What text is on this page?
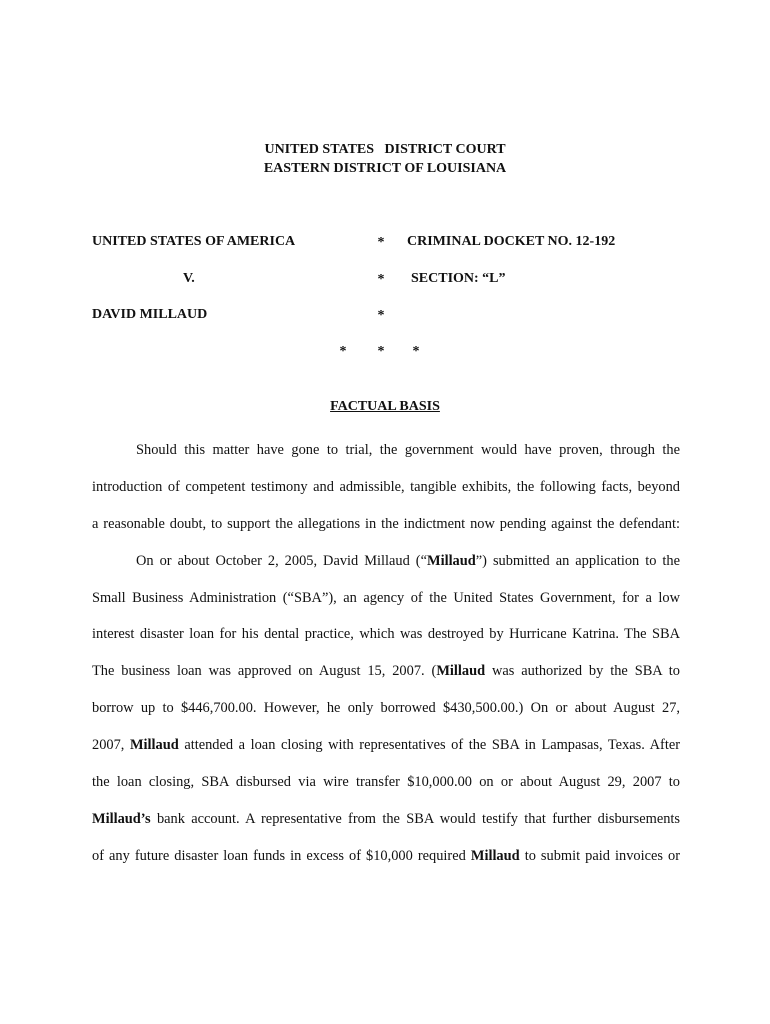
UNITED STATES   DISTRICT COURT
EASTERN DISTRICT OF LOUISIANA
UNITED STATES OF AMERICA
V.
DAVID MILLAUD
*
*
*
* * *
CRIMINAL DOCKET NO. 12-192
SECTION: “L”
FACTUAL BASIS
Should this matter have gone to trial, the government would have proven, through the
introduction of competent testimony and admissible, tangible exhibits, the following facts, beyond
a reasonable doubt, to support the allegations in the indictment now pending against the defendant:
On or about October 2, 2005, David Millaud (“Millaud”) submitted an application to the
Small Business Administration (“SBA”), an agency of the United States Government, for a low
interest disaster loan for his dental practice, which was destroyed by Hurricane Katrina. The SBA
The business loan was approved on August 15, 2007. (Millaud was authorized by the SBA to
borrow up to $446,700.00. However, he only borrowed $430,500.00.) On or about August 27,
2007, Millaud attended a loan closing with representatives of the SBA in Lampasas, Texas. After
the loan closing, SBA disbursed via wire transfer $10,000.00 on or about August 29, 2007 to
Millaud’s bank account. A representative from the SBA would testify that further disbursements
of any future disaster loan funds in excess of $10,000 required Millaud to submit paid invoices or
